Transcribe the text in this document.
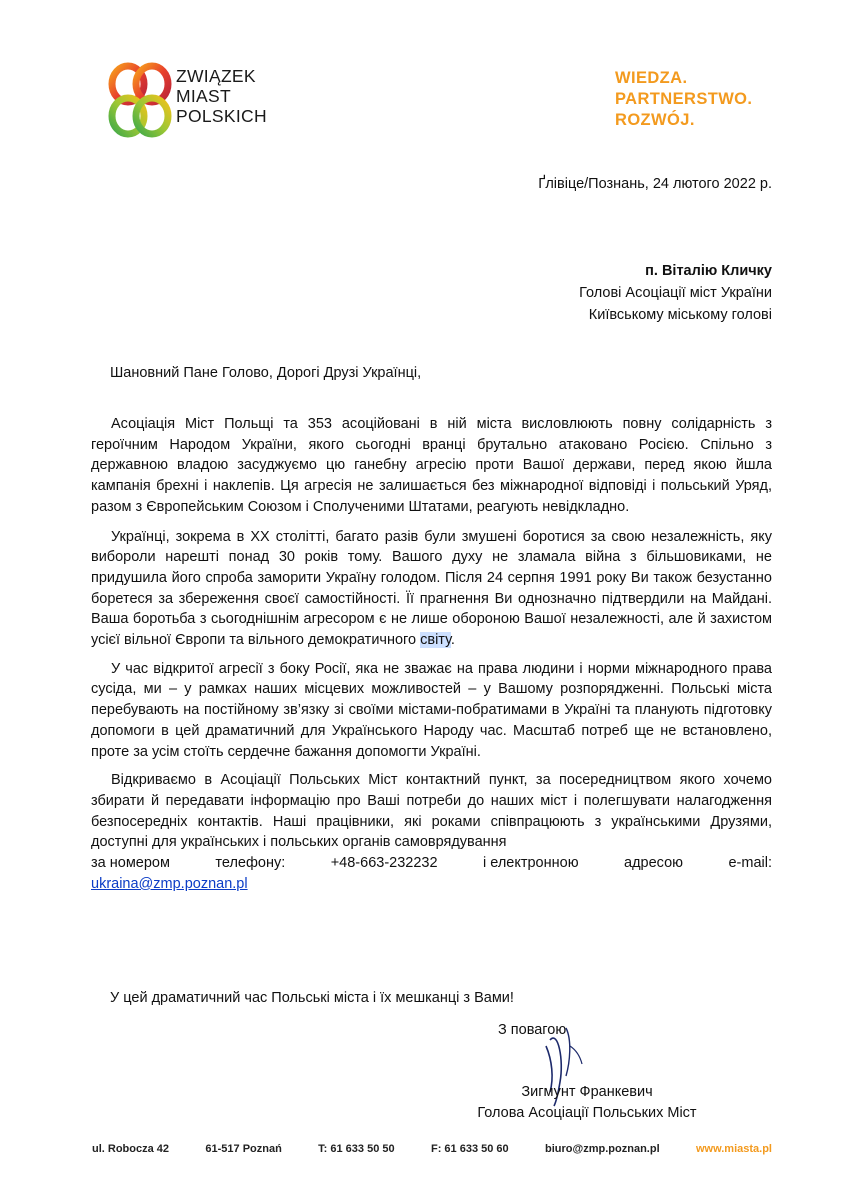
ZWIĄZEK
MIAST
POLSKICH
WIEDZA.
PARTNERSTWO.
ROZWÓJ.
Ґлівіце/Познань, 24 лютого 2022 р.
п. Віталію Кличку
Голові Асоціації міст України
Київському міському голові
Шановний Пане Голово, Дорогі Друзі Українці,

Асоціація Міст Польщі та 353 асоційовані в ній міста висловлюють повну солідарність з героїчним Народом України, якого сьогодні вранці брутально атаковано Росією. Спільно з державною владою засуджуємо цю ганебну агресію проти Вашої держави, перед якою йшла кампанія брехні і наклепів. Ця агресія не залишається без міжнародної відповіді і польський Уряд, разом з Європейським Союзом і Сполученими Штатами, реагують невідкладно.

Українці, зокрема в XX столітті, багато разів були змушені боротися за свою незалежність, яку вибороли нарешті понад 30 років тому. Вашого духу не зламала війна з більшовиками, не придушила його спроба заморити Україну голодом. Після 24 серпня 1991 року Ви також безустанно боретеся за збереження своєї самостійності. Її прагнення Ви однозначно підтвердили на Майдані. Ваша боротьба з сьогоднішнім агресором є не лише обороною Вашої незалежності, але й захистом усієї вільної Європи та вільного демократичного світу.

У час відкритої агресії з боку Росії, яка не зважає на права людини і норми міжнародного права сусіда, ми – у рамках наших місцевих можливостей – у Вашому розпорядженні. Польські міста перебувають на постійному зв’язку зі своїми містами-побратимами в Україні та планують підготовку допомоги в цей драматичний для Українського Народу час. Масштаб потреб ще не встановлено, проте за усім стоїть сердечне бажання допомогти Україні.

Відкриваємо в Асоціації Польських Міст контактний пункт, за посередництвом якого хочемо збирати й передавати інформацію про Ваші потреби до наших міст і полегшувати налагодження безпосередніх контактів. Наші працівники, які роками співпрацюють з українськими Друзями, доступні для українських і польських органів самоврядування

за номером	телефону:	+48-663-232232	і електронною	адресою	e-mail:
ukraina@zmp.poznan.pl
У цей драматичний час Польські міста і їх мешканці з Вами!
З повагою
Зигмунт Франкевич
Голова Асоціації Польських Міст
ul. Robocza 42	61-517 Poznań	T: 61 633 50 50	F: 61 633 50 60	biuro@zmp.poznan.pl	www.miasta.pl
